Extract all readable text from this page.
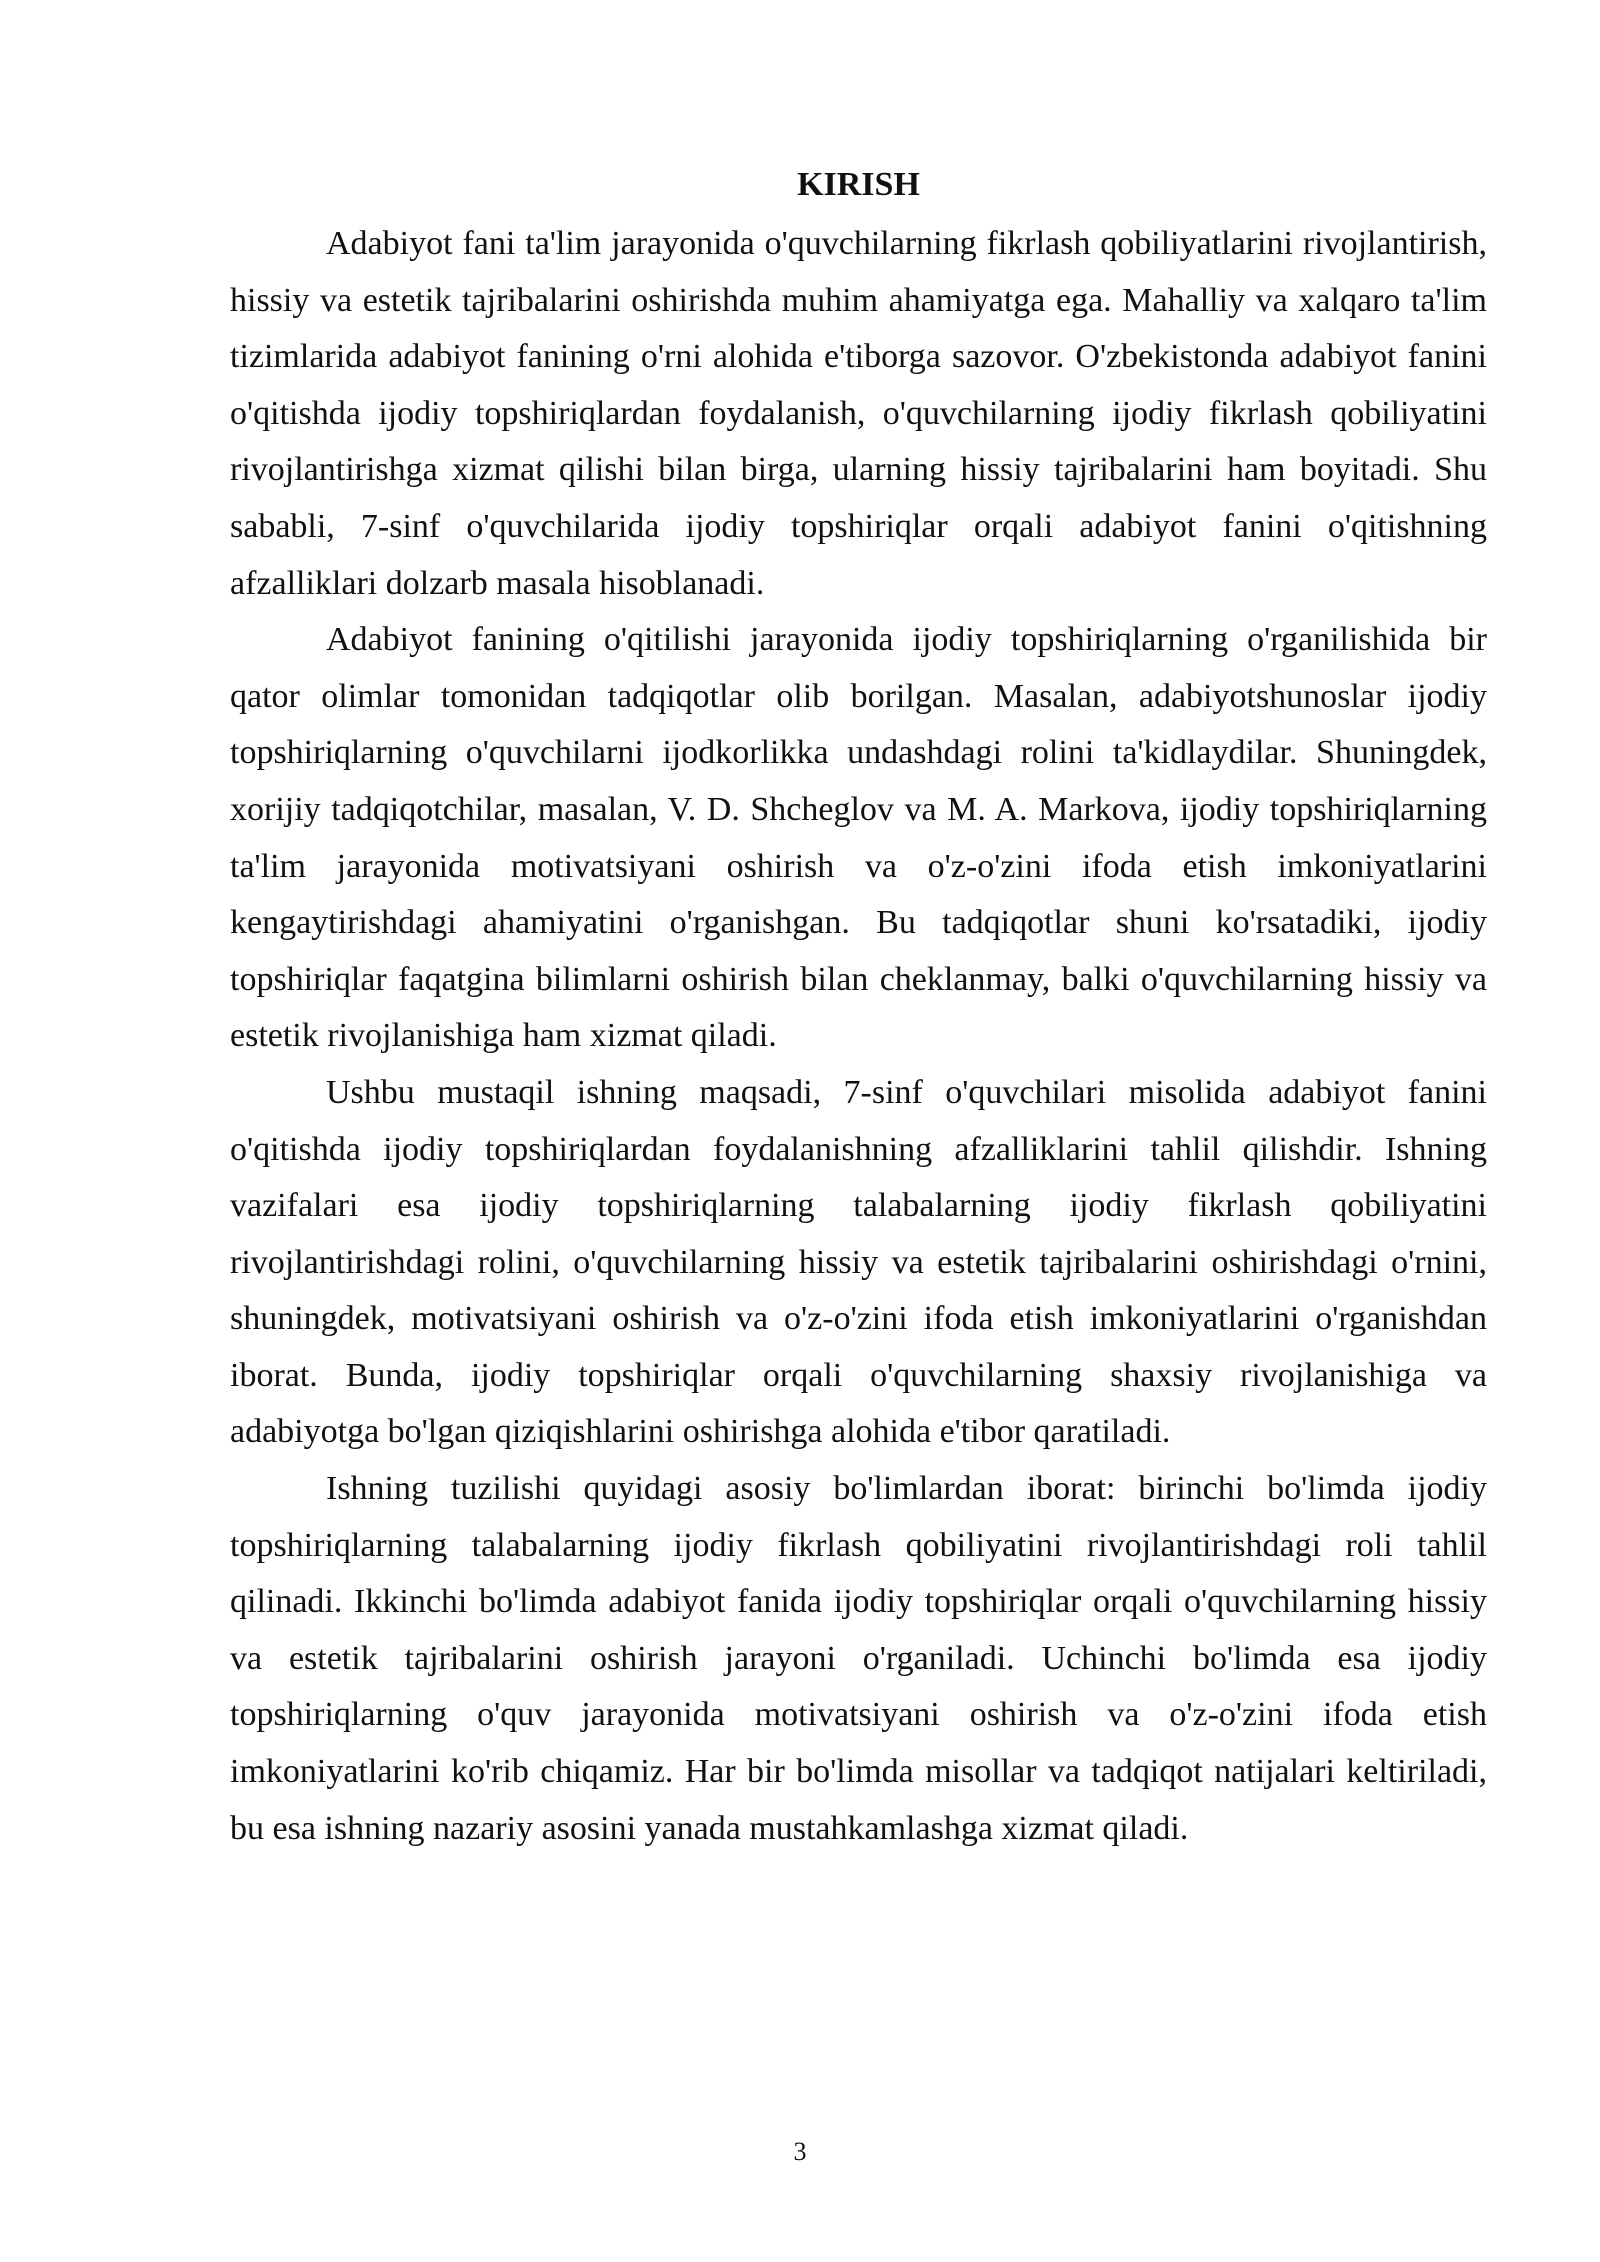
KIRISH

Adabiyot fani ta'lim jarayonida o'quvchilarning fikrlash qobiliyatlarini rivojlantirish, hissiy va estetik tajribalarini oshirishda muhim ahamiyatga ega. Mahalliy va xalqaro ta'lim tizimlarida adabiyot fanining o'rni alohida e'tiborga sazovor. O'zbekistonda adabiyot fanini o'qitishda ijodiy topshiriqlardan foydalanish, o'quvchilarning ijodiy fikrlash qobiliyatini rivojlantirishga xizmat qilishi bilan birga, ularning hissiy tajribalarini ham boyitadi. Shu sababli, 7-sinf o'quvchilarida ijodiy topshiriqlar orqali adabiyot fanini o'qitishning afzalliklari dolzarb masala hisoblanadi.

Adabiyot fanining o'qitilishi jarayonida ijodiy topshiriqlarning o'rganilishida bir qator olimlar tomonidan tadqiqotlar olib borilgan. Masalan, adabiyotshunoslar ijodiy topshiriqlarning o'quvchilarni ijodkorlikka undashdagi rolini ta'kidlaydilar. Shuningdek, xorijiy tadqiqotchilar, masalan, V. D. Shcheglov va M. A. Markova, ijodiy topshiriqlarning ta'lim jarayonida motivatsiyani oshirish va o'z-o'zini ifoda etish imkoniyatlarini kengaytirishdagi ahamiyatini o'rganishgan. Bu tadqiqotlar shuni ko'rsatadiki, ijodiy topshiriqlar faqatgina bilimlarni oshirish bilan cheklanmay, balki o'quvchilarning hissiy va estetik rivojlanishiga ham xizmat qiladi.

Ushbu mustaqil ishning maqsadi, 7-sinf o'quvchilari misolida adabiyot fanini o'qitishda ijodiy topshiriqlardan foydalanishning afzalliklarini tahlil qilishdir. Ishning vazifalari esa ijodiy topshiriqlarning talabalarning ijodiy fikrlash qobiliyatini rivojlantirishdagi rolini, o'quvchilarning hissiy va estetik tajribalarini oshirishdagi o'rnini, shuningdek, motivatsiyani oshirish va o'z-o'zini ifoda etish imkoniyatlarini o'rganishdan iborat. Bunda, ijodiy topshiriqlar orqali o'quvchilarning shaxsiy rivojlanishiga va adabiyotga bo'lgan qiziqishlarini oshirishga alohida e'tibor qaratiladi.

Ishning tuzilishi quyidagi asosiy bo'limlardan iborat: birinchi bo'limda ijodiy topshiriqlarning talabalarning ijodiy fikrlash qobiliyatini rivojlantirishdagi roli tahlil qilinadi. Ikkinchi bo'limda adabiyot fanida ijodiy topshiriqlar orqali o'quvchilarning hissiy va estetik tajribalarini oshirish jarayoni o'rganiladi. Uchinchi bo'limda esa ijodiy topshiriqlarning o'quv jarayonida motivatsiyani oshirish va o'z-o'zini ifoda etish imkoniyatlarini ko'rib chiqamiz. Har bir bo'limda misollar va tadqiqot natijalari keltiriladi, bu esa ishning nazariy asosini yanada mustahkamlashga xizmat qiladi.

3
